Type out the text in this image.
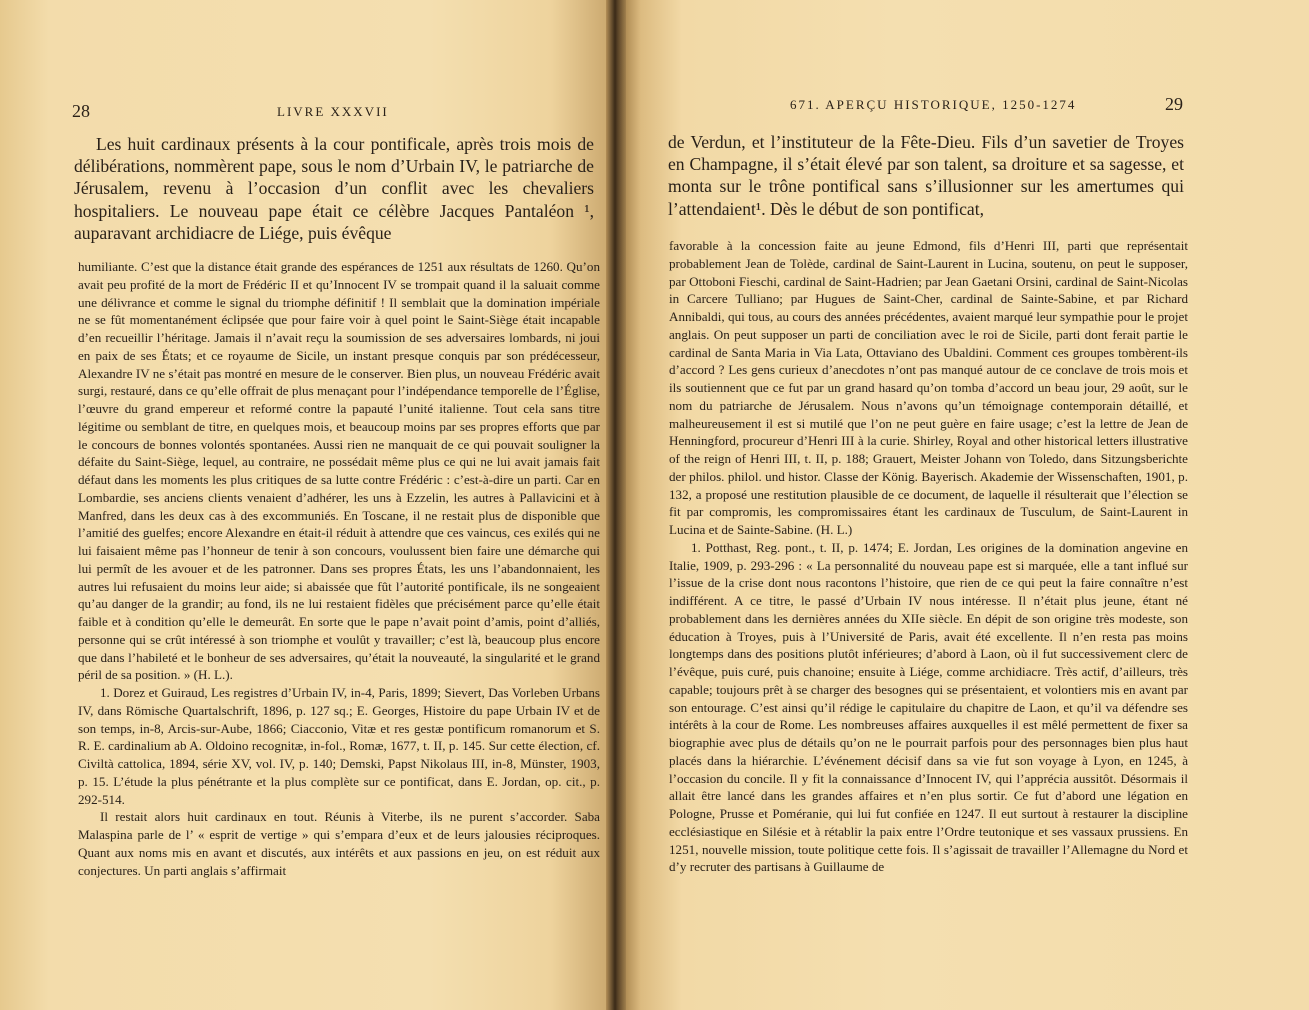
28	LIVRE XXXVII

Les huit cardinaux présents à la cour pontificale, après trois mois de délibérations, nommèrent pape, sous le nom d’Urbain IV, le patriarche de Jérusalem, revenu à l’occasion d’un conflit avec les chevaliers hospitaliers. Le nouveau pape était ce célèbre Jacques Pantaléon ¹, auparavant archidiacre de Liége, puis évêque

humiliante. C’est que la distance était grande des espérances de 1251 aux résultats de 1260. Qu’on avait peu profité de la mort de Frédéric II et qu’Innocent IV se trompait quand il la saluait comme une délivrance et comme le signal du triomphe définitif ! Il semblait que la domination impériale ne se fût momentanément éclipsée que pour faire voir à quel point le Saint-Siège était incapable d’en recueillir l’héritage. Jamais il n’avait reçu la soumission de ses adversaires lombards, ni joui en paix de ses États; et ce royaume de Sicile, un instant presque conquis par son prédécesseur, Alexandre IV ne s’était pas montré en mesure de le conserver. Bien plus, un nouveau Frédéric avait surgi, restauré, dans ce qu’elle offrait de plus menaçant pour l’indépendance temporelle de l’Église, l’œuvre du grand empereur et reformé contre la papauté l’unité italienne. Tout cela sans titre légitime ou semblant de titre, en quelques mois, et beaucoup moins par ses propres efforts que par le concours de bonnes volontés spontanées. Aussi rien ne manquait de ce qui pouvait souligner la défaite du Saint-Siège, lequel, au contraire, ne possédait même plus ce qui ne lui avait jamais fait défaut dans les moments les plus critiques de sa lutte contre Frédéric : c’est-à-dire un parti. Car en Lombardie, ses anciens clients venaient d’adhérer, les uns à Ezzelin, les autres à Pallavicini et à Manfred, dans les deux cas à des excommuniés. En Toscane, il ne restait plus de disponible que l’amitié des guelfes; encore Alexandre en était-il réduit à attendre que ces vaincus, ces exilés qui ne lui faisaient même pas l’honneur de tenir à son concours, voulussent bien faire une démarche qui lui permît de les avouer et de les patronner. Dans ses propres États, les uns l’abandonnaient, les autres lui refusaient du moins leur aide; si abaissée que fût l’autorité pontificale, ils ne songeaient qu’au danger de la grandir; au fond, ils ne lui restaient fidèles que précisément parce qu’elle était faible et à condition qu’elle le demeurât. En sorte que le pape n’avait point d’amis, point d’alliés, personne qui se crût intéressé à son triomphe et voulût y travailler; c’est là, beaucoup plus encore que dans l’habileté et le bonheur de ses adversaires, qu’était la nouveauté, la singularité et le grand péril de sa position. » (H. L.).

1. Dorez et Guiraud, Les registres d’Urbain IV, in-4, Paris, 1899; Sievert, Das Vorleben Urbans IV, dans Römische Quartalschrift, 1896, p. 127 sq.; E. Georges, Histoire du pape Urbain IV et de son temps, in-8, Arcis-sur-Aube, 1866; Ciacconio, Vitæ et res gestæ pontificum romanorum et S. R. E. cardinalium ab A. Oldoino recognitæ, in-fol., Romæ, 1677, t. II, p. 145. Sur cette élection, cf. Civiltà cattolica, 1894, série XV, vol. IV, p. 140; Demski, Papst Nikolaus III, in-8, Münster, 1903, p. 15. L’étude la plus pénétrante et la plus complète sur ce pontificat, dans E. Jordan, op. cit., p. 292-514.

Il restait alors huit cardinaux en tout. Réunis à Viterbe, ils ne purent s’accorder. Saba Malaspina parle de l’ « esprit de vertige » qui s’empara d’eux et de leurs jalousies réciproques. Quant aux noms mis en avant et discutés, aux intérêts et aux passions en jeu, on est réduit aux conjectures. Un parti anglais s’affirmait

671. APERÇU HISTORIQUE, 1250-1274	29

de Verdun, et l’instituteur de la Fête-Dieu. Fils d’un savetier de Troyes en Champagne, il s’était élevé par son talent, sa droiture et sa sagesse, et monta sur le trône pontifical sans s’illusionner sur les amertumes qui l’attendaient¹. Dès le début de son pontificat,

favorable à la concession faite au jeune Edmond, fils d’Henri III, parti que représentait probablement Jean de Tolède, cardinal de Saint-Laurent in Lucina, soutenu, on peut le supposer, par Ottoboni Fieschi, cardinal de Saint-Hadrien; par Jean Gaetani Orsini, cardinal de Saint-Nicolas in Carcere Tulliano; par Hugues de Saint-Cher, cardinal de Sainte-Sabine, et par Richard Annibaldi, qui tous, au cours des années précédentes, avaient marqué leur sympathie pour le projet anglais. On peut supposer un parti de conciliation avec le roi de Sicile, parti dont ferait partie le cardinal de Santa Maria in Via Lata, Ottaviano des Ubaldini. Comment ces groupes tombèrent-ils d’accord ? Les gens curieux d’anecdotes n’ont pas manqué autour de ce conclave de trois mois et ils soutiennent que ce fut par un grand hasard qu’on tomba d’accord un beau jour, 29 août, sur le nom du patriarche de Jérusalem. Nous n’avons qu’un témoignage contemporain détaillé, et malheureusement il est si mutilé que l’on ne peut guère en faire usage; c’est la lettre de Jean de Henningford, procureur d’Henri III à la curie. Shirley, Royal and other historical letters illustrative of the reign of Henri III, t. II, p. 188; Grauert, Meister Johann von Toledo, dans Sitzungsberichte der philos. philol. und histor. Classe der König. Bayerisch. Akademie der Wissenschaften, 1901, p. 132, a proposé une restitution plausible de ce document, de laquelle il résulterait que l’élection se fit par compromis, les compromissaires étant les cardinaux de Tusculum, de Saint-Laurent in Lucina et de Sainte-Sabine. (H. L.)

1. Potthast, Reg. pont., t. II, p. 1474; E. Jordan, Les origines de la domination angevine en Italie, 1909, p. 293-296 : « La personnalité du nouveau pape est si marquée, elle a tant influé sur l’issue de la crise dont nous racontons l’histoire, que rien de ce qui peut la faire connaître n’est indifférent. A ce titre, le passé d’Urbain IV nous intéresse. Il n’était plus jeune, étant né probablement dans les dernières années du XIIe siècle. En dépit de son origine très modeste, son éducation à Troyes, puis à l’Université de Paris, avait été excellente. Il n’en resta pas moins longtemps dans des positions plutôt inférieures; d’abord à Laon, où il fut successivement clerc de l’évêque, puis curé, puis chanoine; ensuite à Liége, comme archidiacre. Très actif, d’ailleurs, très capable; toujours prêt à se charger des besognes qui se présentaient, et volontiers mis en avant par son entourage. C’est ainsi qu’il rédige le capitulaire du chapitre de Laon, et qu’il va défendre ses intérêts à la cour de Rome. Les nombreuses affaires auxquelles il est mêlé permettent de fixer sa biographie avec plus de détails qu’on ne le pourrait parfois pour des personnages bien plus haut placés dans la hiérarchie. L’événement décisif dans sa vie fut son voyage à Lyon, en 1245, à l’occasion du concile. Il y fit la connaissance d’Innocent IV, qui l’apprécia aussitôt. Désormais il allait être lancé dans les grandes affaires et n’en plus sortir. Ce fut d’abord une légation en Pologne, Prusse et Poméranie, qui lui fut confiée en 1247. Il eut surtout à restaurer la discipline ecclésiastique en Silésie et à rétablir la paix entre l’Ordre teutonique et ses vassaux prussiens. En 1251, nouvelle mission, toute politique cette fois. Il s’agissait de travailler l’Allemagne du Nord et d’y recruter des partisans à Guillaume de
